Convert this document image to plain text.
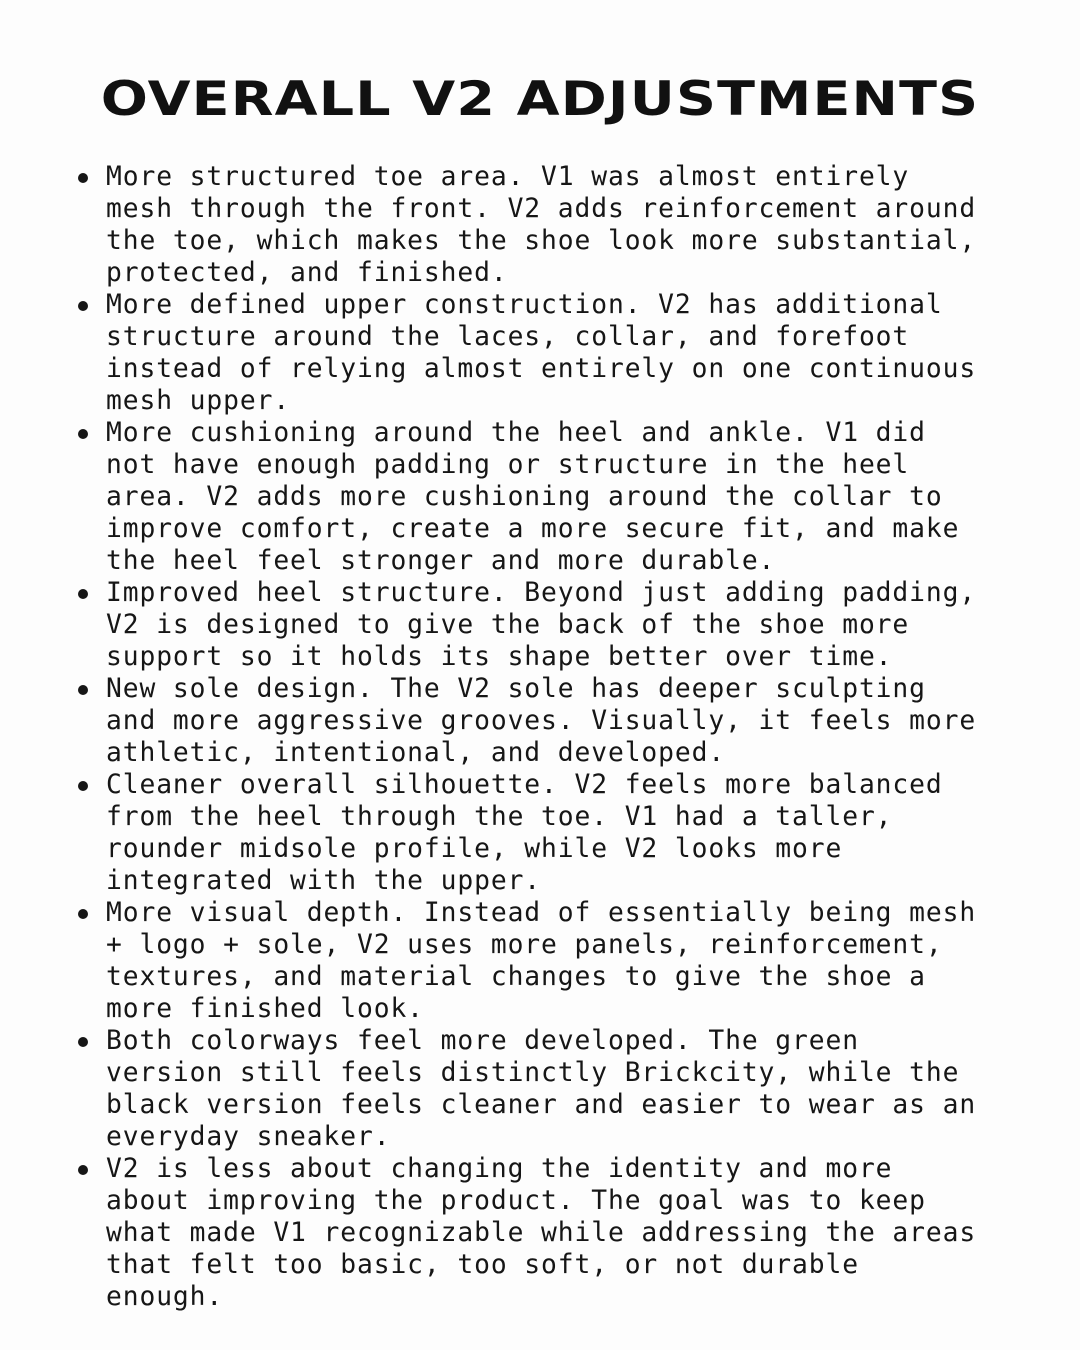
OVERALL V2 ADJUSTMENTS
More structured toe area. V1 was almost entirely mesh through the front. V2 adds reinforcement around the toe, which makes the shoe look more substantial, protected, and finished.
More defined upper construction. V2 has additional structure around the laces, collar, and forefoot instead of relying almost entirely on one continuous mesh upper.
More cushioning around the heel and ankle. V1 did not have enough padding or structure in the heel area. V2 adds more cushioning around the collar to improve comfort, create a more secure fit, and make the heel feel stronger and more durable.
Improved heel structure. Beyond just adding padding, V2 is designed to give the back of the shoe more support so it holds its shape better over time.
New sole design. The V2 sole has deeper sculpting and more aggressive grooves. Visually, it feels more athletic, intentional, and developed.
Cleaner overall silhouette. V2 feels more balanced from the heel through the toe. V1 had a taller, rounder midsole profile, while V2 looks more integrated with the upper.
More visual depth. Instead of essentially being mesh + logo + sole, V2 uses more panels, reinforcement, textures, and material changes to give the shoe a more finished look.
Both colorways feel more developed. The green version still feels distinctly Brickcity, while the black version feels cleaner and easier to wear as an everyday sneaker.
V2 is less about changing the identity and more about improving the product. The goal was to keep what made V1 recognizable while addressing the areas that felt too basic, too soft, or not durable enough.
